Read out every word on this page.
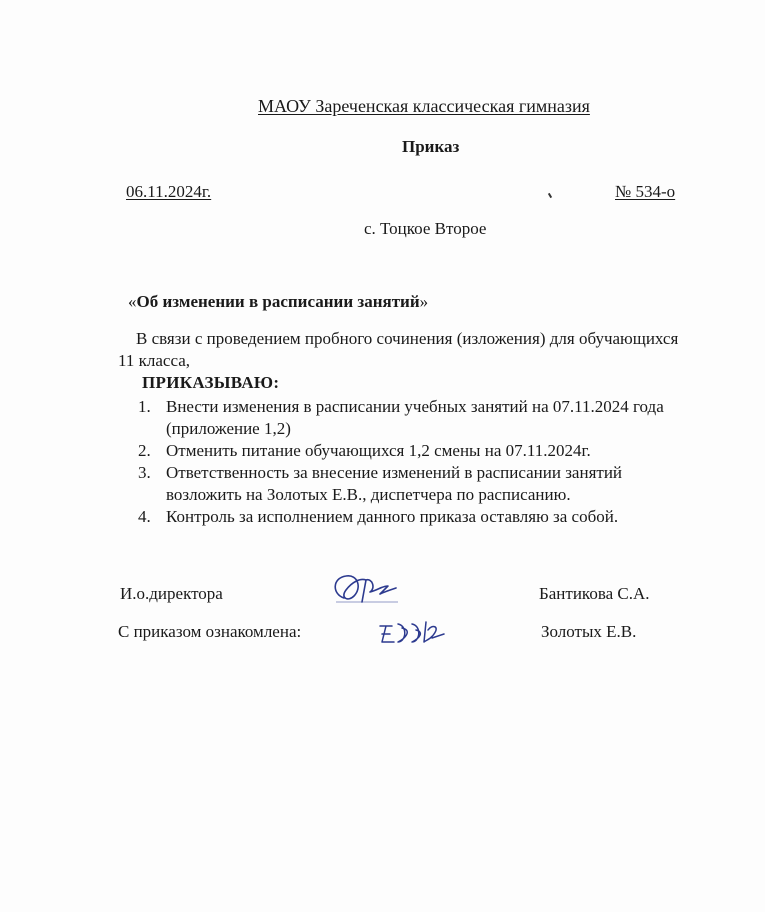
МАОУ Зареченская классическая гимназия
Приказ
06.11.2024г.	№ 534-о
с. Тоцкое Второе
«Об изменении в расписании занятий»
В связи с проведением пробного сочинения (изложения) для обучающихся
11 класса,
ПРИКАЗЫВАЮ:
1. Внести изменения в расписании учебных занятий на 07.11.2024 года
(приложение 1,2)
2. Отменить питание обучающихся 1,2 смены на 07.11.2024г.
3. Ответственность за внесение изменений в расписании занятий
возложить на Золотых Е.В., диспетчера по расписанию.
4. Контроль за исполнением данного приказа оставляю за собой.
И.о.директора	Бантикова С.А.
С приказом ознакомлена:	Золотых Е.В.
